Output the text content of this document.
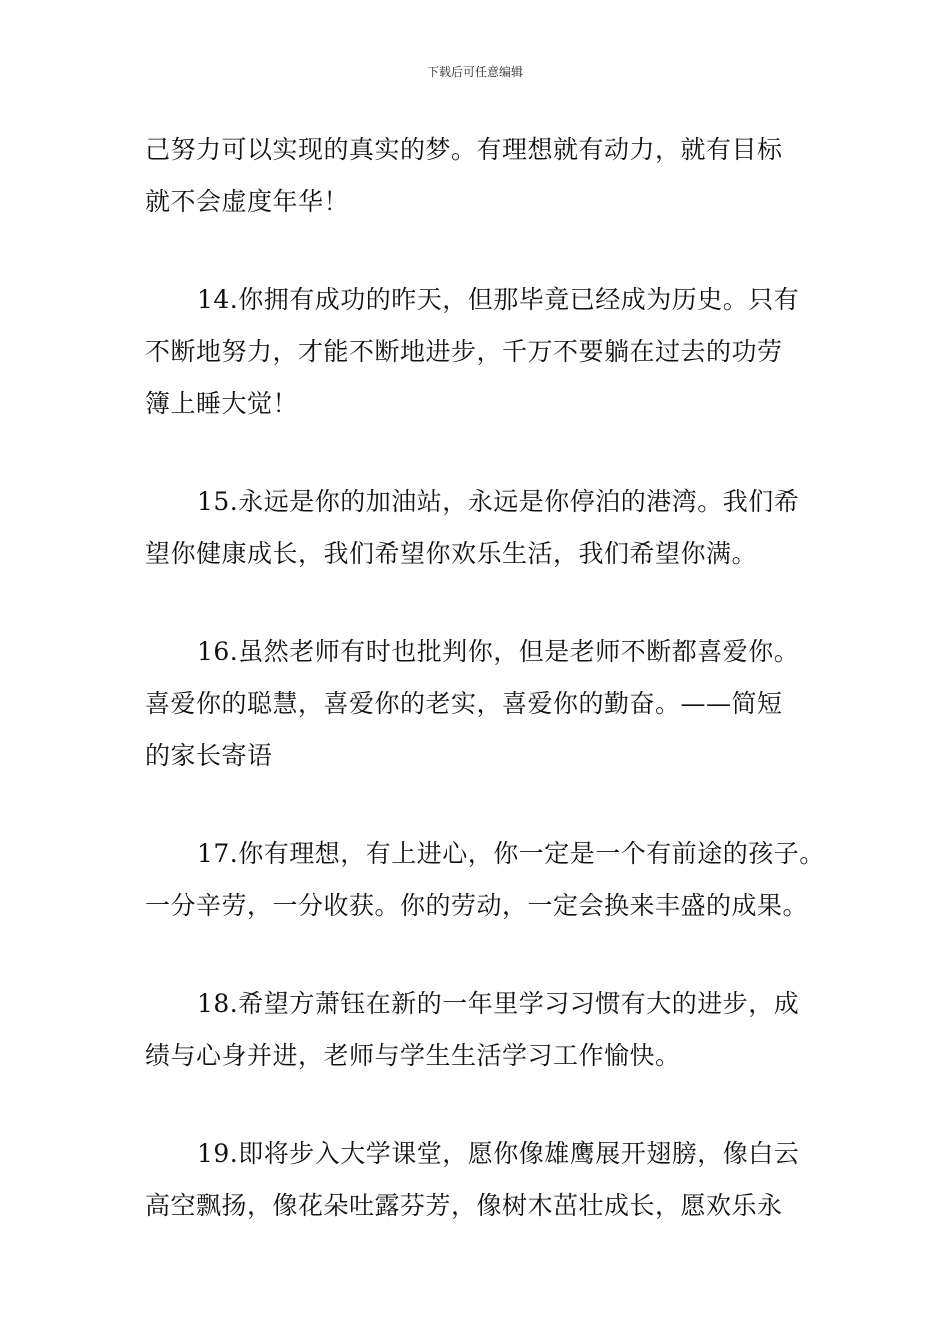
下载后可任意编辑

己努力可以实现的真实的梦。有理想就有动力，就有目标
就不会虚度年华！

14.你拥有成功的昨天，但那毕竟已经成为历史。只有
不断地努力，才能不断地进步，千万不要躺在过去的功劳
簿上睡大觉！

15.永远是你的加油站，永远是你停泊的港湾。我们希
望你健康成长，我们希望你欢乐生活，我们希望你满。

16.虽然老师有时也批判你，但是老师不断都喜爱你。
喜爱你的聪慧，喜爱你的老实，喜爱你的勤奋。——简短
的家长寄语

17.你有理想，有上进心，你一定是一个有前途的孩子。
一分辛劳，一分收获。你的劳动，一定会换来丰盛的成果。

18.希望方萧钰在新的一年里学习习惯有大的进步，成
绩与心身并进，老师与学生生活学习工作愉快。

19.即将步入大学课堂，愿你像雄鹰展开翅膀，像白云
高空飘扬，像花朵吐露芬芳，像树木茁壮成长，愿欢乐永
